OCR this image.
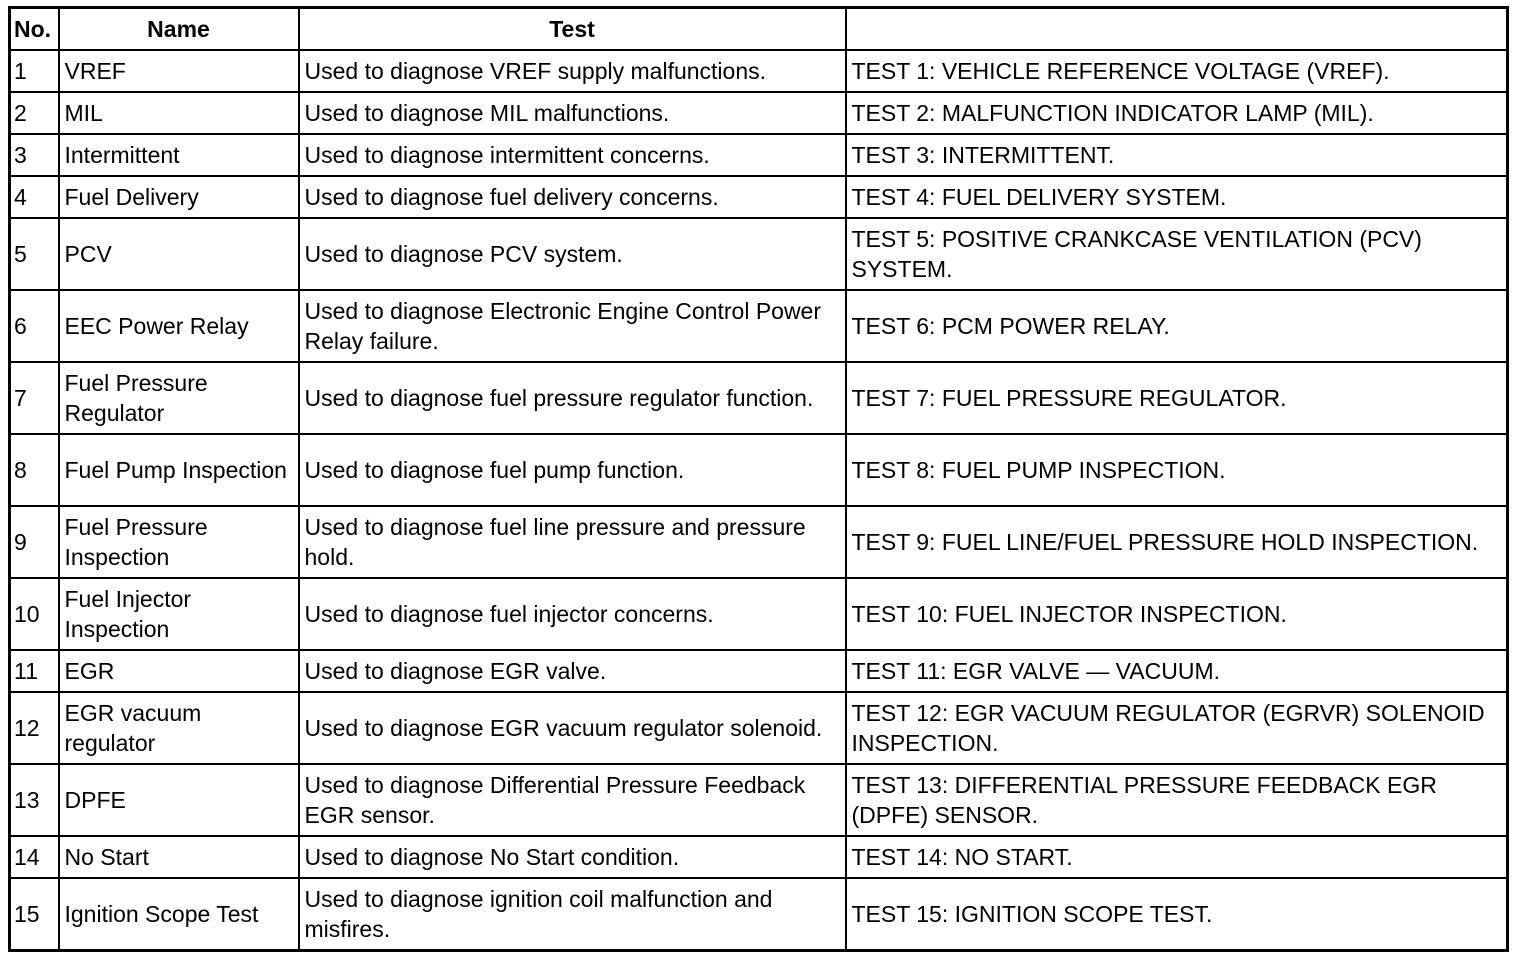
No.	Name	Test	
1	VREF	Used to diagnose VREF supply malfunctions.	TEST 1: VEHICLE REFERENCE VOLTAGE (VREF).
2	MIL	Used to diagnose MIL malfunctions.	TEST 2: MALFUNCTION INDICATOR LAMP (MIL).
3	Intermittent	Used to diagnose intermittent concerns.	TEST 3: INTERMITTENT.
4	Fuel Delivery	Used to diagnose fuel delivery concerns.	TEST 4: FUEL DELIVERY SYSTEM.
5	PCV	Used to diagnose PCV system.	TEST 5: POSITIVE CRANKCASE VENTILATION (PCV) SYSTEM.
6	EEC Power Relay	Used to diagnose Electronic Engine Control Power Relay failure.	TEST 6: PCM POWER RELAY.
7	Fuel Pressure Regulator	Used to diagnose fuel pressure regulator function.	TEST 7: FUEL PRESSURE REGULATOR.
8	Fuel Pump Inspection	Used to diagnose fuel pump function.	TEST 8: FUEL PUMP INSPECTION.
9	Fuel Pressure Inspection	Used to diagnose fuel line pressure and pressure hold.	TEST 9: FUEL LINE/FUEL PRESSURE HOLD INSPECTION.
10	Fuel Injector Inspection	Used to diagnose fuel injector concerns.	TEST 10: FUEL INJECTOR INSPECTION.
11	EGR	Used to diagnose EGR valve.	TEST 11: EGR VALVE — VACUUM.
12	EGR vacuum regulator	Used to diagnose EGR vacuum regulator solenoid.	TEST 12: EGR VACUUM REGULATOR (EGRVR) SOLENOID INSPECTION.
13	DPFE	Used to diagnose Differential Pressure Feedback EGR sensor.	TEST 13: DIFFERENTIAL PRESSURE FEEDBACK EGR (DPFE) SENSOR.
14	No Start	Used to diagnose No Start condition.	TEST 14: NO START.
15	Ignition Scope Test	Used to diagnose ignition coil malfunction and misfires.	TEST 15: IGNITION SCOPE TEST.
